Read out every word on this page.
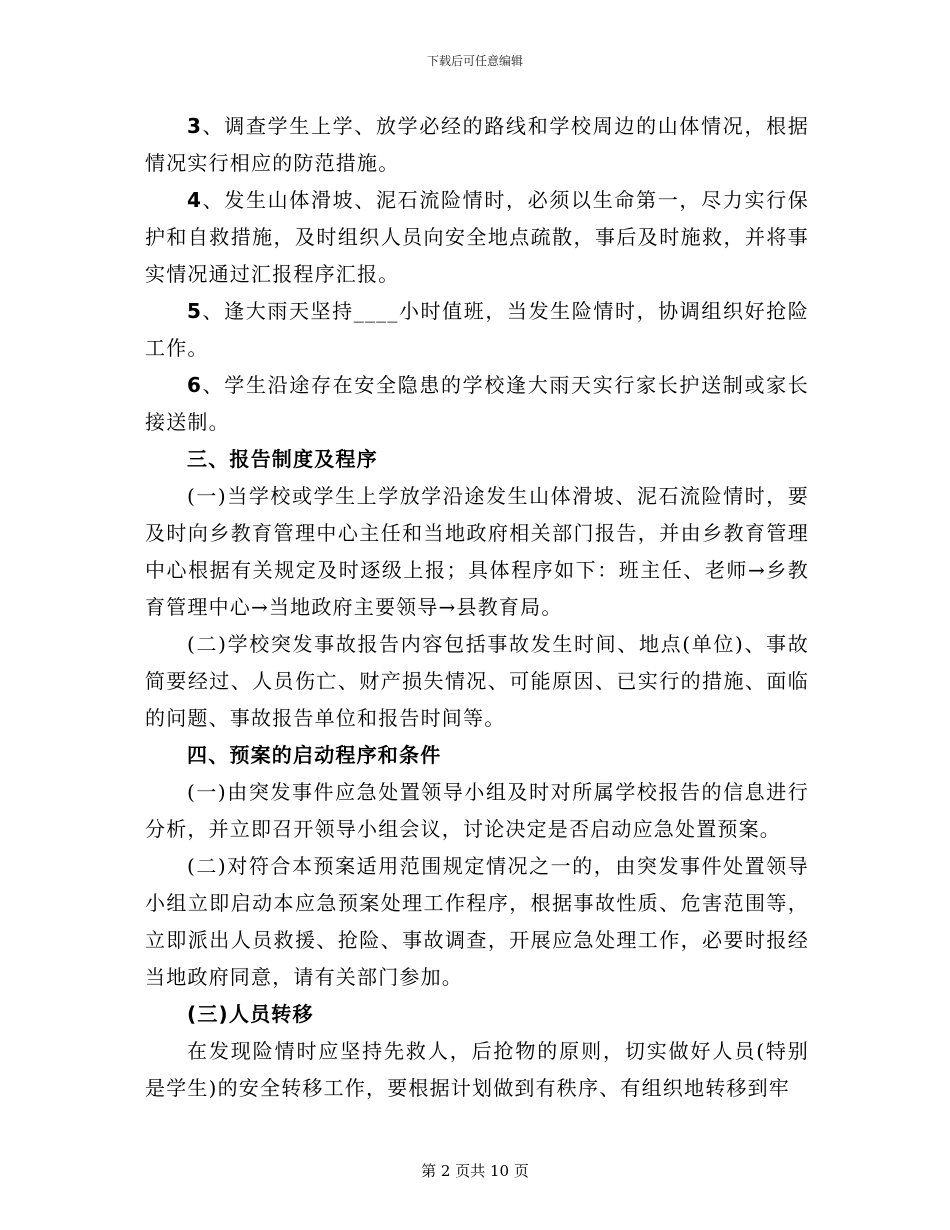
下载后可任意编辑

3、调查学生上学、放学必经的路线和学校周边的山体情况，根据情况实行相应的防范措施。

4、发生山体滑坡、泥石流险情时，必须以生命第一，尽力实行保护和自救措施，及时组织人员向安全地点疏散，事后及时施救，并将事实情况通过汇报程序汇报。

5、逢大雨天坚持____小时值班，当发生险情时，协调组织好抢险工作。

6、学生沿途存在安全隐患的学校逢大雨天实行家长护送制或家长接送制。

三、报告制度及程序

(一)当学校或学生上学放学沿途发生山体滑坡、泥石流险情时，要及时向乡教育管理中心主任和当地政府相关部门报告，并由乡教育管理中心根据有关规定及时逐级上报；具体程序如下：班主任、老师→乡教育管理中心→当地政府主要领导→县教育局。

(二)学校突发事故报告内容包括事故发生时间、地点(单位)、事故简要经过、人员伤亡、财产损失情况、可能原因、已实行的措施、面临的问题、事故报告单位和报告时间等。

四、预案的启动程序和条件

(一)由突发事件应急处置领导小组及时对所属学校报告的信息进行分析，并立即召开领导小组会议，讨论决定是否启动应急处置预案。

(二)对符合本预案适用范围规定情况之一的，由突发事件处置领导小组立即启动本应急预案处理工作程序，根据事故性质、危害范围等，立即派出人员救援、抢险、事故调查，开展应急处理工作，必要时报经当地政府同意，请有关部门参加。

(三)人员转移

在发现险情时应坚持先救人，后抢物的原则，切实做好人员(特别是学生)的安全转移工作，要根据计划做到有秩序、有组织地转移到牢

第 2 页共 10 页
